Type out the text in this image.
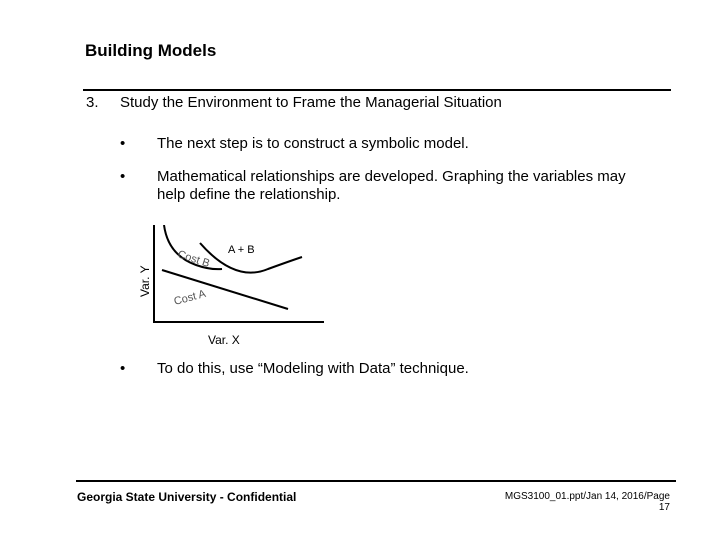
Building Models
3. Study the Environment to Frame the Managerial Situation
• The next step is to construct a symbolic model.
• Mathematical relationships are developed. Graphing the variables may help define the relationship.
A + B
Cost B
Cost A
Var. X
Var. Y
• To do this, use “Modeling with Data” technique.
Georgia State University - Confidential	MGS3100_01.ppt/Jan 14, 2016/Page 17
